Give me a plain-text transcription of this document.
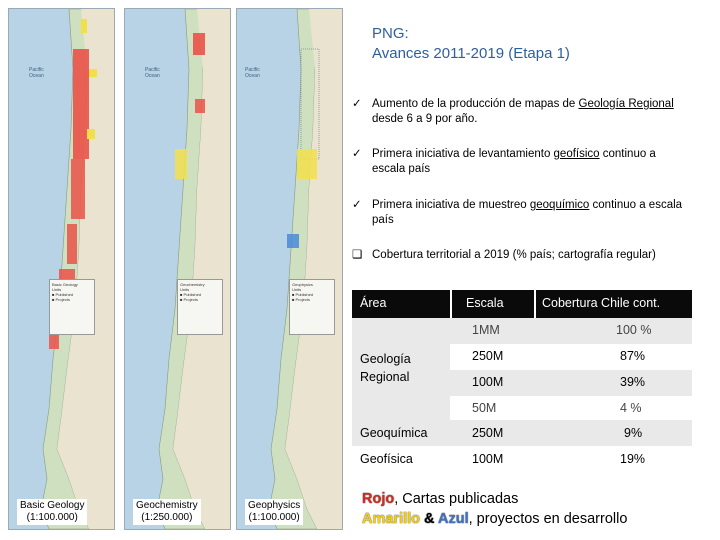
Pacific
Ocean
Basic Geology
Units
■ Published
■ Projects
Basic Geology
(1:100.000)
Pacific
Ocean
Geochemistry
Units
■ Published
■ Projects
Geochemistry
(1:250.000)
Pacific
Ocean
Geophysics
Units
■ Published
■ Projects
Geophysics
(1:100.000)
PNG:
Avances 2011-2019 (Etapa 1)
✓ Aumento de la producción de mapas de Geología Regional desde 6 a 9 por año.
✓ Primera iniciativa de levantamiento geofísico continuo a escala país
✓ Primera iniciativa de muestreo geoquímico continuo a escala país
❑ Cobertura territorial a 2019 (% país; cartografía regular)
Área	Escala	Cobertura Chile cont.
Geología Regional
1MM	100 %
250M	87%
100M	39%
50M	4 %
Geoquímica	250M	9%
Geofísica	100M	19%
Rojo, Cartas publicadas
Amarillo & Azul, proyectos en desarrollo
